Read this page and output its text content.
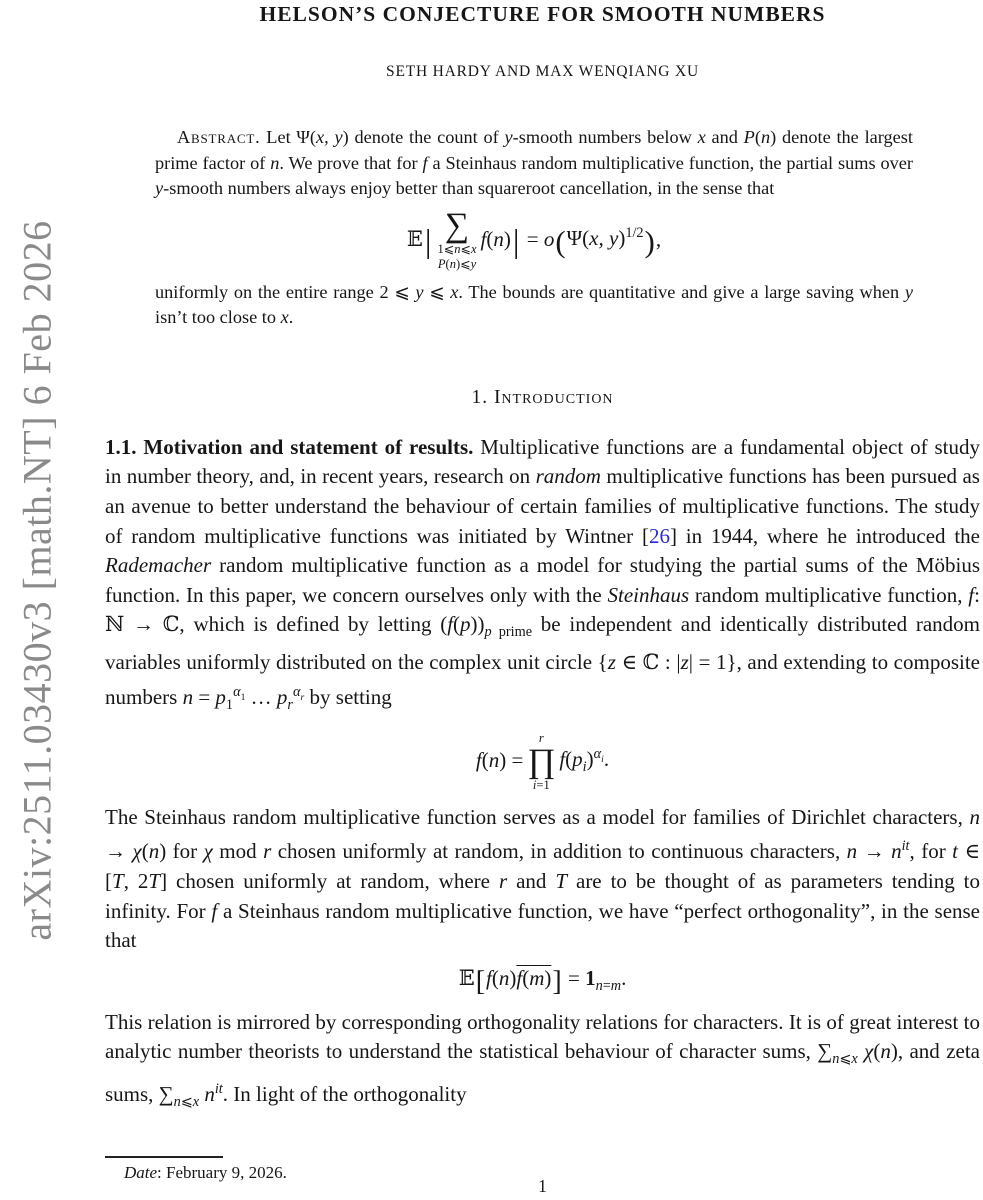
arXiv:2511.03430v3 [math.NT] 6 Feb 2026
HELSON’S CONJECTURE FOR SMOOTH NUMBERS
SETH HARDY AND MAX WENQIANG XU

Abstract. Let Ψ(x, y) denote the count of y-smooth numbers below x and P(n) denote the largest prime factor of n. We prove that for f a Steinhaus random multiplicative function, the partial sums over y-smooth numbers always enjoy better than squareroot cancellation, in the sense that

𝔼| ∑
1⩽n⩽x
P(n)⩽y
f(n)| = o(Ψ(x, y)$^{1/2}$),

uniformly on the entire range 2 ⩽ y ⩽ x. The bounds are quantitative and give a large saving when y isn’t too close to x.

1. Introduction

1.1. Motivation and statement of results. Multiplicative functions are a fundamental object of study in number theory, and, in recent years, research on random multiplicative functions has been pursued as an avenue to better understand the behaviour of certain families of multiplicative functions. The study of random multiplicative functions was initiated by Wintner [26] in 1944, where he introduced the Rademacher random multiplicative function as a model for studying the partial sums of the Möbius function. In this paper, we concern ourselves only with the Steinhaus random multiplicative function, f: ℕ → ℂ, which is defined by letting $(f(p))_{p prime}$ be independent and identically distributed random variables uniformly distributed on the complex unit circle {z ∈ ℂ : |z| = 1}, and extending to composite numbers $n = p_1^{\alpha_1}$ … $p_r^{\alpha_r}$ by setting

f(n) =
r
∏
i=1
$f(p_i)^{\alpha_i}$.

The Steinhaus random multiplicative function serves as a model for families of Dirichlet characters, n → χ(n) for χ mod r chosen uniformly at random, in addition to continuous characters, $n \to n^{it}$, for t ∈ [T, 2T] chosen uniformly at random, where r and T are to be thought of as parameters tending to infinity. For f a Steinhaus random multiplicative function, we have “perfect orthogonality”, in the sense that

𝔼[f(n)f(m)] = $1_{n=m}$.

This relation is mirrored by corresponding orthogonality relations for characters. It is of great interest to analytic number theorists to understand the statistical behaviour of character sums, $\sum_{n⩽x}$ χ(n), and zeta sums, $\sum_{n⩽x}$ $n^{it}$. In light of the orthogonality

Date: February 9, 2026.
1
